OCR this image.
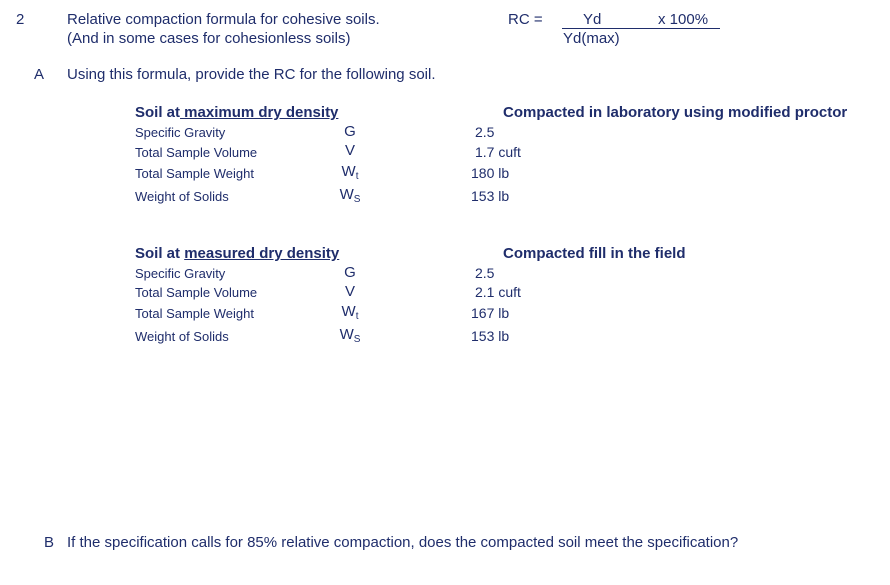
2	Relative compaction formula for cohesive soils.
(And in some cases for cohesionless soils)
RC =	Yd
Yd(max)
x 100%
A Using this formula, provide the RC for the following soil.
Soil at maximum dry density	Compacted in laboratory using modified proctor
Specific Gravity	G	2.5
Total Sample Volume	V	1.7 cuft
Total Sample Weight	$W_t$	180 lb
Weight of Solids	$W_S$	153 lb
Soil at measured dry density	Compacted fill in the field
Specific Gravity	G	2.5
Total Sample Volume	V	2.1 cuft
Total Sample Weight	$W_t$	167 lb
Weight of Solids	$W_S$	153 lb
B If the specification calls for 85% relative compaction, does the compacted soil meet the specification?
